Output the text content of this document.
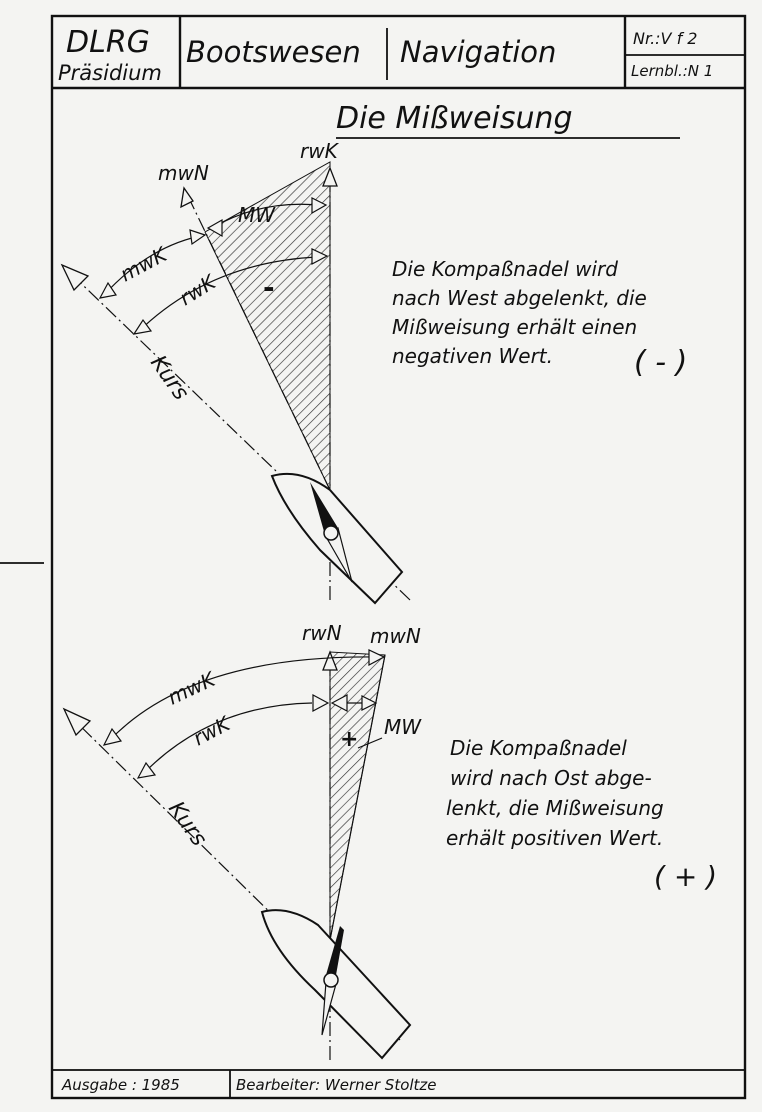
DLRG
Präsidium
Bootswesen Navigation	Nr.:V f 2
Lernbl.:N 1
Die Mißweisung
mwN
rwK
MW
mwK
rwK -
Kurs
Die Kompaßnadel wird
nach West abgelenkt, die
Mißweisung erhält einen
negativen Wert.	( - )
rwN mwN
mwK
rwK	+ MW
Kurs
Die Kompaßnadel
wird nach Ost abge-
lenkt, die Mißweisung
erhält positiven Wert.
( + )
Ausgabe : 1985	Bearbeiter: Werner Stoltze
